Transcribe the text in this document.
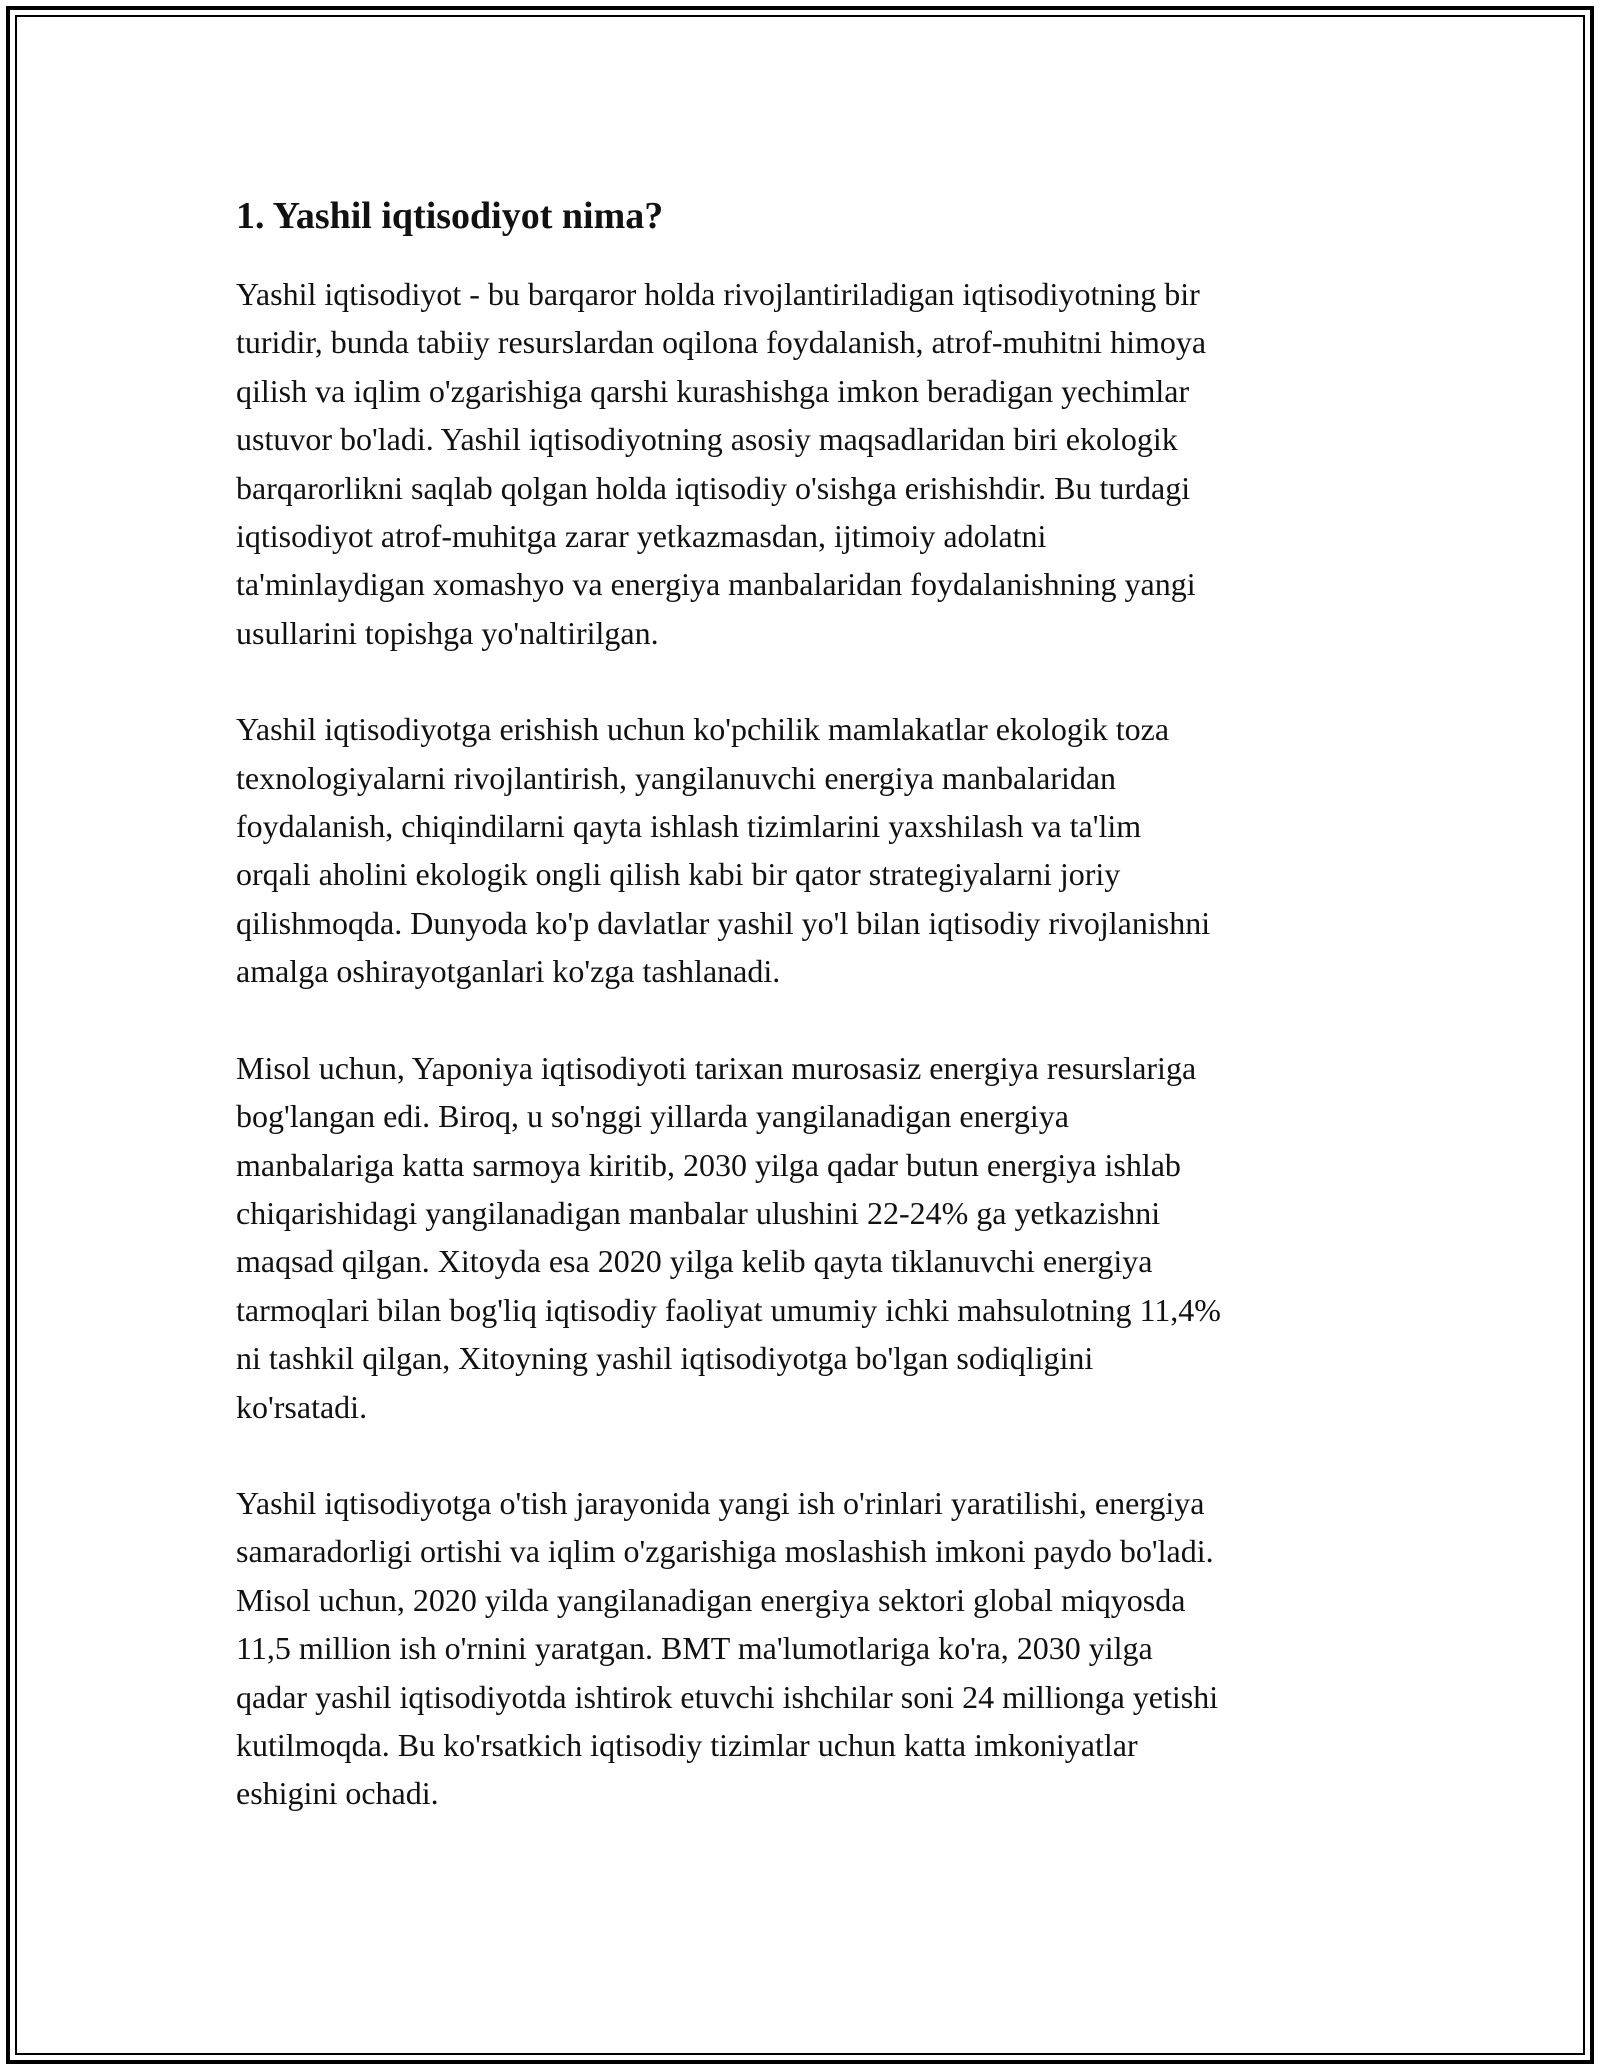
1. Yashil iqtisodiyot nima?

Yashil iqtisodiyot - bu barqaror holda rivojlantiriladigan iqtisodiyotning bir
turidir, bunda tabiiy resurslardan oqilona foydalanish, atrof-muhitni himoya
qilish va iqlim o'zgarishiga qarshi kurashishga imkon beradigan yechimlar
ustuvor bo'ladi. Yashil iqtisodiyotning asosiy maqsadlaridan biri ekologik
barqarorlikni saqlab qolgan holda iqtisodiy o'sishga erishishdir. Bu turdagi
iqtisodiyot atrof-muhitga zarar yetkazmasdan, ijtimoiy adolatni
ta'minlaydigan xomashyo va energiya manbalaridan foydalanishning yangi
usullarini topishga yo'naltirilgan.

Yashil iqtisodiyotga erishish uchun ko'pchilik mamlakatlar ekologik toza
texnologiyalarni rivojlantirish, yangilanuvchi energiya manbalaridan
foydalanish, chiqindilarni qayta ishlash tizimlarini yaxshilash va ta'lim
orqali aholini ekologik ongli qilish kabi bir qator strategiyalarni joriy
qilishmoqda. Dunyoda ko'p davlatlar yashil yo'l bilan iqtisodiy rivojlanishni
amalga oshirayotganlari ko'zga tashlanadi.

Misol uchun, Yaponiya iqtisodiyoti tarixan murosasiz energiya resurslariga
bog'langan edi. Biroq, u so'nggi yillarda yangilanadigan energiya
manbalariga katta sarmoya kiritib, 2030 yilga qadar butun energiya ishlab
chiqarishidagi yangilanadigan manbalar ulushini 22-24% ga yetkazishni
maqsad qilgan. Xitoyda esa 2020 yilga kelib qayta tiklanuvchi energiya
tarmoqlari bilan bog'liq iqtisodiy faoliyat umumiy ichki mahsulotning 11,4%
ni tashkil qilgan, Xitoyning yashil iqtisodiyotga bo'lgan sodiqligini
ko'rsatadi.

Yashil iqtisodiyotga o'tish jarayonida yangi ish o'rinlari yaratilishi, energiya
samaradorligi ortishi va iqlim o'zgarishiga moslashish imkoni paydo bo'ladi.
Misol uchun, 2020 yilda yangilanadigan energiya sektori global miqyosda
11,5 million ish o'rnini yaratgan. BMT ma'lumotlariga ko'ra, 2030 yilga
qadar yashil iqtisodiyotda ishtirok etuvchi ishchilar soni 24 millionga yetishi
kutilmoqda. Bu ko'rsatkich iqtisodiy tizimlar uchun katta imkoniyatlar
eshigini ochadi.
